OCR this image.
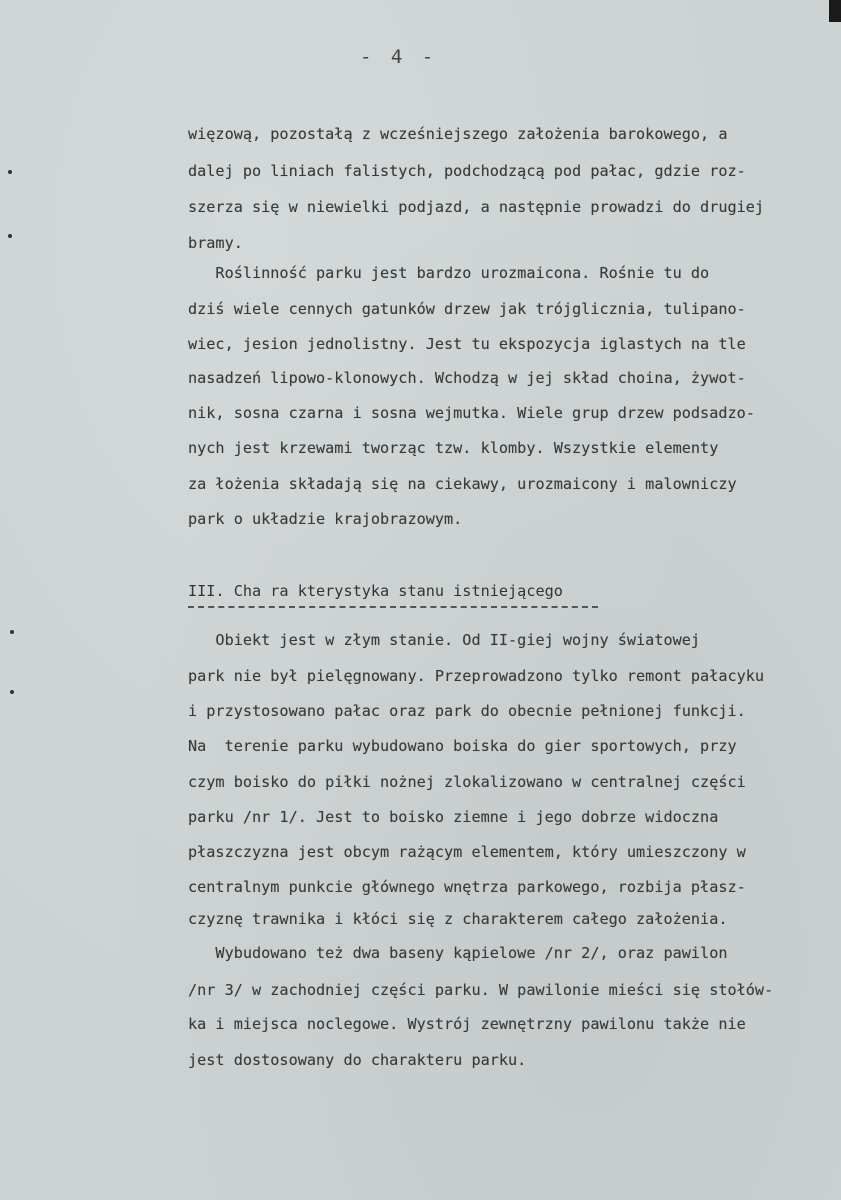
- 4 -
więzową, pozostałą z wcześniejszego założenia barokowego, a
dalej po liniach falistych, podchodzącą pod pałac, gdzie roz-
szerza się w niewielki podjazd, a następnie prowadzi do drugiej
bramy.
Roślinność parku jest bardzo urozmaicona. Rośnie tu do
dziś wiele cennych gatunków drzew jak trójglicznia, tulipano-
wiec, jesion jednolistny. Jest tu ekspozycja iglastych na tle
nasadzeń lipowo-klonowych. Wchodzą w jej skład choina, żywot-
nik, sosna czarna i sosna wejmutka. Wiele grup drzew podsadzo-
nych jest krzewami tworząc tzw. klomby. Wszystkie elementy
za łożenia składają się na ciekawy, urozmaicony i malowniczy
park o układzie krajobrazowym.
III. Cha ra kterystyka stanu istniejącego
Obiekt jest w złym stanie. Od II-giej wojny światowej
park nie był pielęgnowany. Przeprowadzono tylko remont pałacyku
i przystosowano pałac oraz park do obecnie pełnionej funkcji.
Na  terenie parku wybudowano boiska do gier sportowych, przy
czym boisko do piłki nożnej zlokalizowano w centralnej części
parku /nr 1/. Jest to boisko ziemne i jego dobrze widoczna
płaszczyzna jest obcym rażącym elementem, który umieszczony w
centralnym punkcie głównego wnętrza parkowego, rozbija płasz-
czyznę trawnika i kłóci się z charakterem całego założenia.
Wybudowano też dwa baseny kąpielowe /nr 2/, oraz pawilon
/nr 3/ w zachodniej części parku. W pawilonie mieści się stołów-
ka i miejsca noclegowe. Wystrój zewnętrzny pawilonu także nie
jest dostosowany do charakteru parku.
